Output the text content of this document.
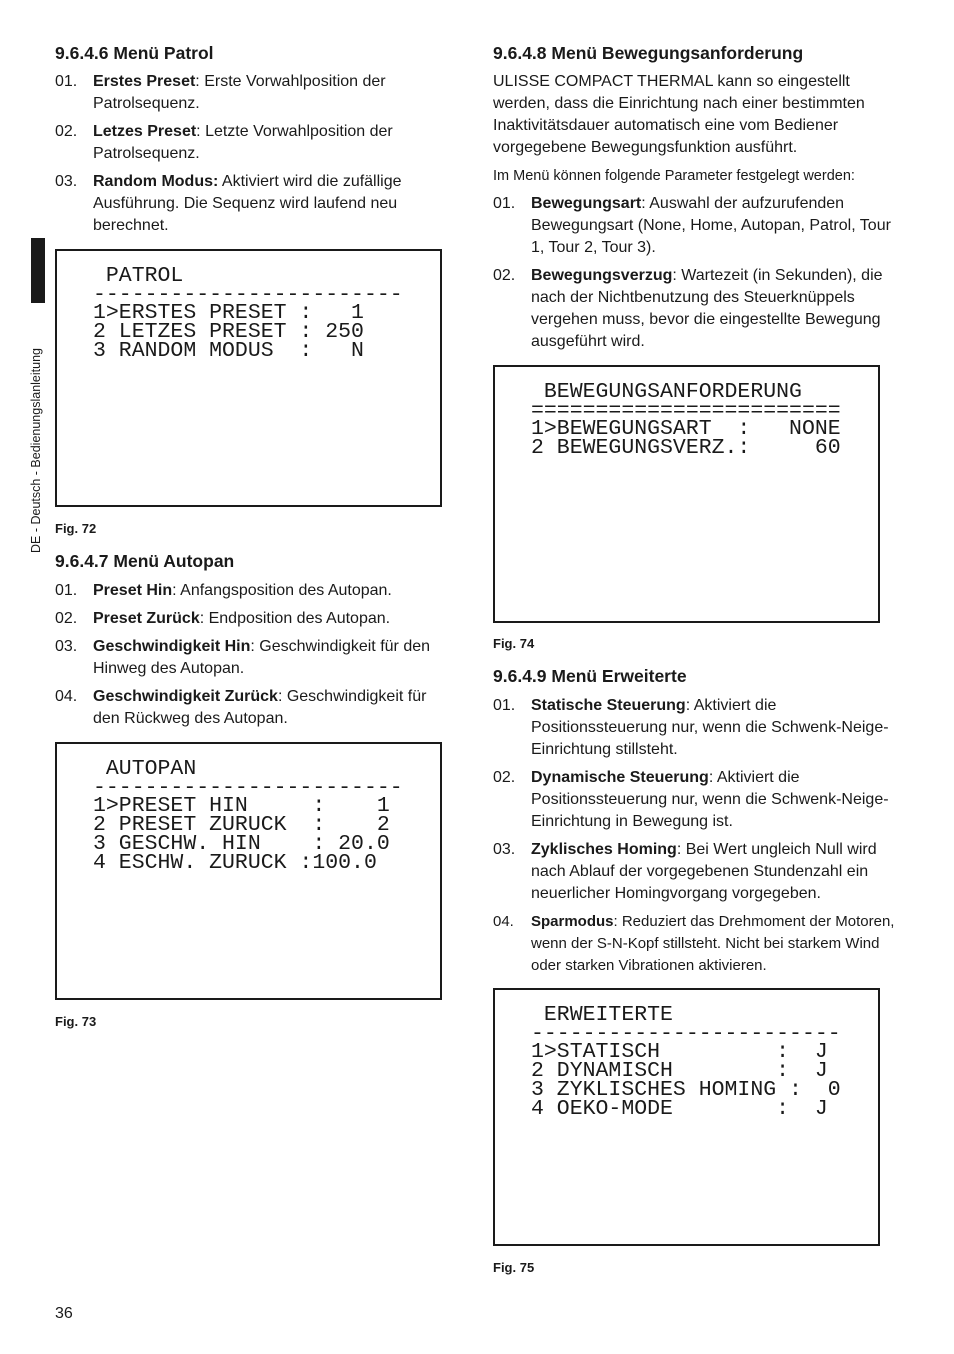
DE - Deutsch - Bedienungslanleitung
9.6.4.6 Menü Patrol
01. Erstes Preset: Erste Vorwahlposition der Patrolsequenz.
02. Letzes Preset: Letzte Vorwahlposition der Patrolsequenz.
03. Random Modus: Aktiviert wird die zufällige Ausführung. Die Sequenz wird laufend neu berechnet.
PATROL
------------------------
1>ERSTES PRESET :   1
2 LETZES PRESET : 250
3 RANDOM MODUS  :   N

Fig. 72

9.6.4.7 Menü Autopan
01. Preset Hin: Anfangsposition des Autopan.
02. Preset Zurück: Endposition des Autopan.
03. Geschwindigkeit Hin: Geschwindigkeit für den Hinweg des Autopan.
04. Geschwindigkeit Zurück: Geschwindigkeit für den Rückweg des Autopan.
AUTOPAN
------------------------
1>PRESET HIN     :    1
2 PRESET ZURUCK  :    2
3 GESCHW. HIN    : 20.0
4 ESCHW. ZURUCK :100.0

Fig. 73

9.6.4.8 Menü Bewegungsanforderung

ULISSE COMPACT THERMAL kann so eingestellt werden, dass die Einrichtung nach einer bestimmten Inaktivitätsdauer automatisch eine vom Bediener vorgegebene Bewegungsfunktion ausführt.

Im Menü können folgende Parameter festgelegt werden:

01. Bewegungsart: Auswahl der aufzurufenden Bewegungsart (None, Home, Autopan, Patrol, Tour 1, Tour 2, Tour 3).
02. Bewegungsverzug: Wartezeit (in Sekunden), die nach der Nichtbenutzung des Steuerknüppels vergehen muss, bevor die eingestellte Bewegung ausgeführt wird.
BEWEGUNGSANFORDERUNG
========================
1>BEWEGUNGSART  :   NONE
2 BEWEGUNGSVERZ.:     60

Fig. 74

9.6.4.9 Menü Erweiterte
01. Statische Steuerung: Aktiviert die Positionssteuerung nur, wenn die Schwenk-Neige-Einrichtung stillsteht.
02. Dynamische Steuerung: Aktiviert die Positionssteuerung nur, wenn die Schwenk-Neige-Einrichtung in Bewegung ist.
03. Zyklisches Homing: Bei Wert ungleich Null wird nach Ablauf der vorgegebenen Stundenzahl ein neuerlicher Homingvorgang vorgegeben.
04. Sparmodus: Reduziert das Drehmoment der Motoren, wenn der S-N-Kopf stillsteht. Nicht bei starkem Wind oder starken Vibrationen aktivieren.
ERWEITERTE
------------------------
1>STATISCH         :  J
2 DYNAMISCH        :  J
3 ZYKLISCHES HOMING :  0
4 OEKO-MODE        :  J

Fig. 75

36
